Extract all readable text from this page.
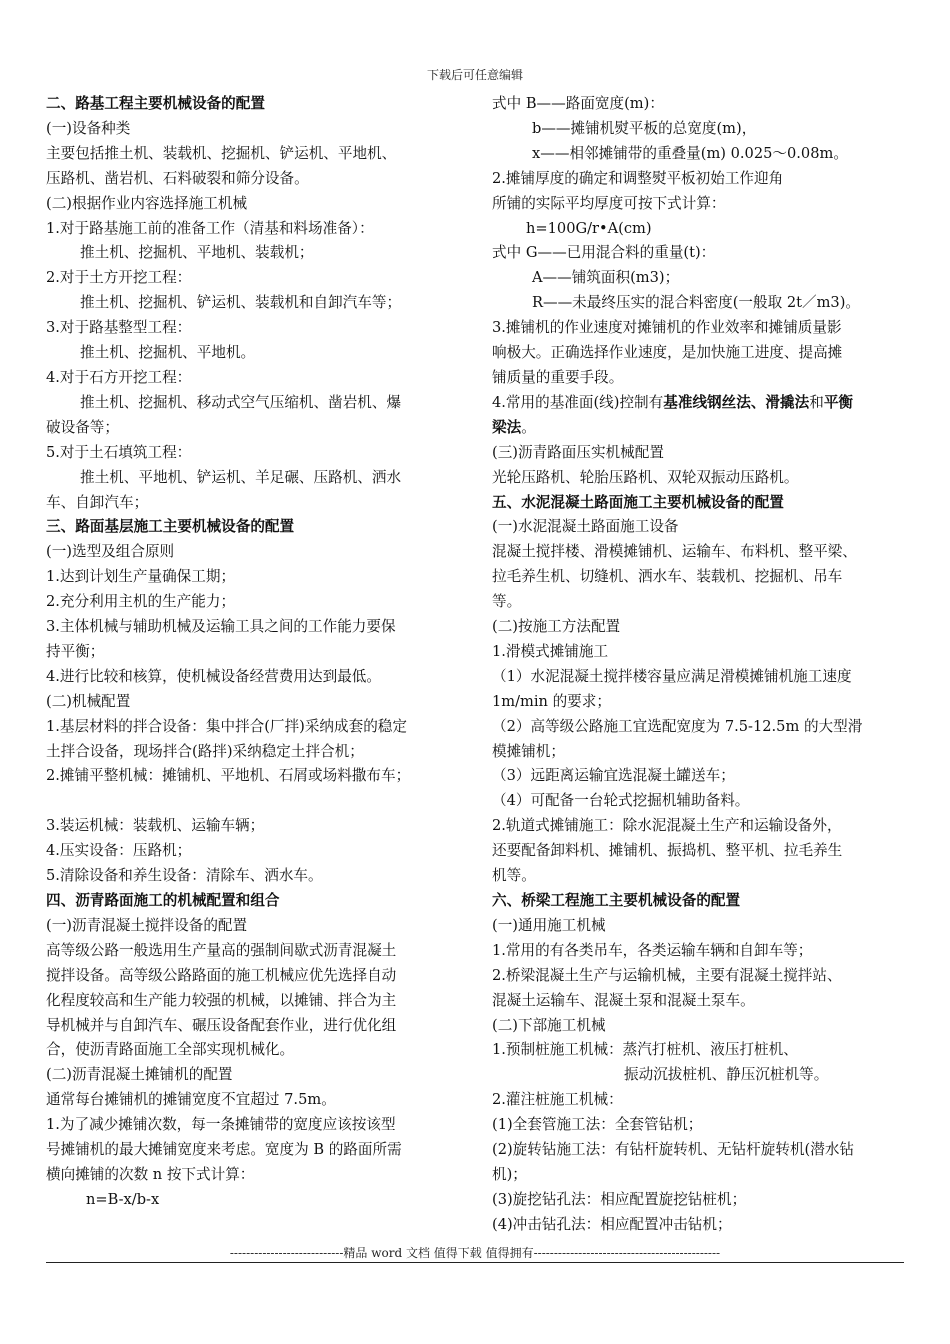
下载后可任意编辑
二、路基工程主要机械设备的配置
(一)设备种类
主要包括推土机、装载机、挖掘机、铲运机、平地机、
压路机、凿岩机、石料破裂和筛分设备。
(二)根据作业内容选择施工机械
1.对于路基施工前的准备工作（清基和料场准备）：
推土机、挖掘机、平地机、装载机；
2.对于土方开挖工程：
推土机、挖掘机、铲运机、装载机和自卸汽车等；
3.对于路基整型工程：
推土机、挖掘机、平地机。
4.对于石方开挖工程：
推土机、挖掘机、移动式空气压缩机、凿岩机、爆
破设备等；
5.对于土石填筑工程：
推土机、平地机、铲运机、羊足碾、压路机、洒水
车、自卸汽车；
三、路面基层施工主要机械设备的配置
(一)选型及组合原则
1.达到计划生产量确保工期；
2.充分利用主机的生产能力；
3.主体机械与辅助机械及运输工具之间的工作能力要保
持平衡；
4.进行比较和核算，使机械设备经营费用达到最低。
(二)机械配置
1.基层材料的拌合设备：集中拌合(厂拌)采纳成套的稳定
土拌合设备，现场拌合(路拌)采纳稳定土拌合机；
2.摊铺平整机械：摊铺机、平地机、石屑或场料撒布车；
3.装运机械：装载机、运输车辆；
4.压实设备：压路机；
5.清除设备和养生设备：清除车、洒水车。
四、沥青路面施工的机械配置和组合
(一)沥青混凝土搅拌设备的配置
高等级公路一般选用生产量高的强制间歇式沥青混凝土
搅拌设备。高等级公路路面的施工机械应优先选择自动
化程度较高和生产能力较强的机械，以摊铺、拌合为主
导机械并与自卸汽车、碾压设备配套作业，进行优化组
合，使沥青路面施工全部实现机械化。
(二)沥青混凝土摊铺机的配置
通常每台摊铺机的摊铺宽度不宜超过 7.5m。
1.为了减少摊铺次数，每一条摊铺带的宽度应该按该型
号摊铺机的最大摊铺宽度来考虑。宽度为 B 的路面所需
横向摊铺的次数 n 按下式计算：
n=B-x/b-x
式中 B——路面宽度(m)：
b——摊铺机熨平板的总宽度(m)，
x——相邻摊铺带的重叠量(m) 0.025～0.08m。
2.摊铺厚度的确定和调整熨平板初始工作迎角
所铺的实际平均厚度可按下式计算：
h=100G/r•A(cm)
式中 G——已用混合料的重量(t)：
A——铺筑面积(m3)；
R——未最终压实的混合料密度(一般取 2t／m3)。
3.摊铺机的作业速度对摊铺机的作业效率和摊铺质量影
响极大。正确选择作业速度，是加快施工进度、提高摊
铺质量的重要手段。
4.常用的基准面(线)控制有基准线钢丝法、滑撬法和平衡
梁法。
(三)沥青路面压实机械配置
光轮压路机、轮胎压路机、双轮双振动压路机。
五、水泥混凝土路面施工主要机械设备的配置
(一)水泥混凝土路面施工设备
混凝土搅拌楼、滑模摊铺机、运输车、布料机、整平梁、
拉毛养生机、切缝机、洒水车、装载机、挖掘机、吊车
等。
(二)按施工方法配置
1.滑模式摊铺施工
（1）水泥混凝土搅拌楼容量应满足滑模摊铺机施工速度
1m/min 的要求；
（2）高等级公路施工宜选配宽度为 7.5-12.5m 的大型滑
模摊铺机；
（3）远距离运输宜选混凝土罐送车；
（4）可配备一台轮式挖掘机辅助备料。
2.轨道式摊铺施工：除水泥混凝土生产和运输设备外，
还要配备卸料机、摊铺机、振捣机、整平机、拉毛养生
机等。
六、桥梁工程施工主要机械设备的配置
(一)通用施工机械
1.常用的有各类吊车，各类运输车辆和自卸车等；
2.桥梁混凝土生产与运输机械，主要有混凝土搅拌站、
混凝土运输车、混凝土泵和混凝土泵车。
(二)下部施工机械
1.预制桩施工机械：蒸汽打桩机、液压打桩机、
振动沉拔桩机、静压沉桩机等。
2.灌注桩施工机械：
(1)全套管施工法：全套管钻机；
(2)旋转钻施工法：有钻杆旋转机、无钻杆旋转机(潜水钻
机)；
(3)旋挖钻孔法：相应配置旋挖钻桩机；
(4)冲击钻孔法：相应配置冲击钻机；
----------------------------精品 word 文档 值得下载 值得拥有----------------------------------------------
